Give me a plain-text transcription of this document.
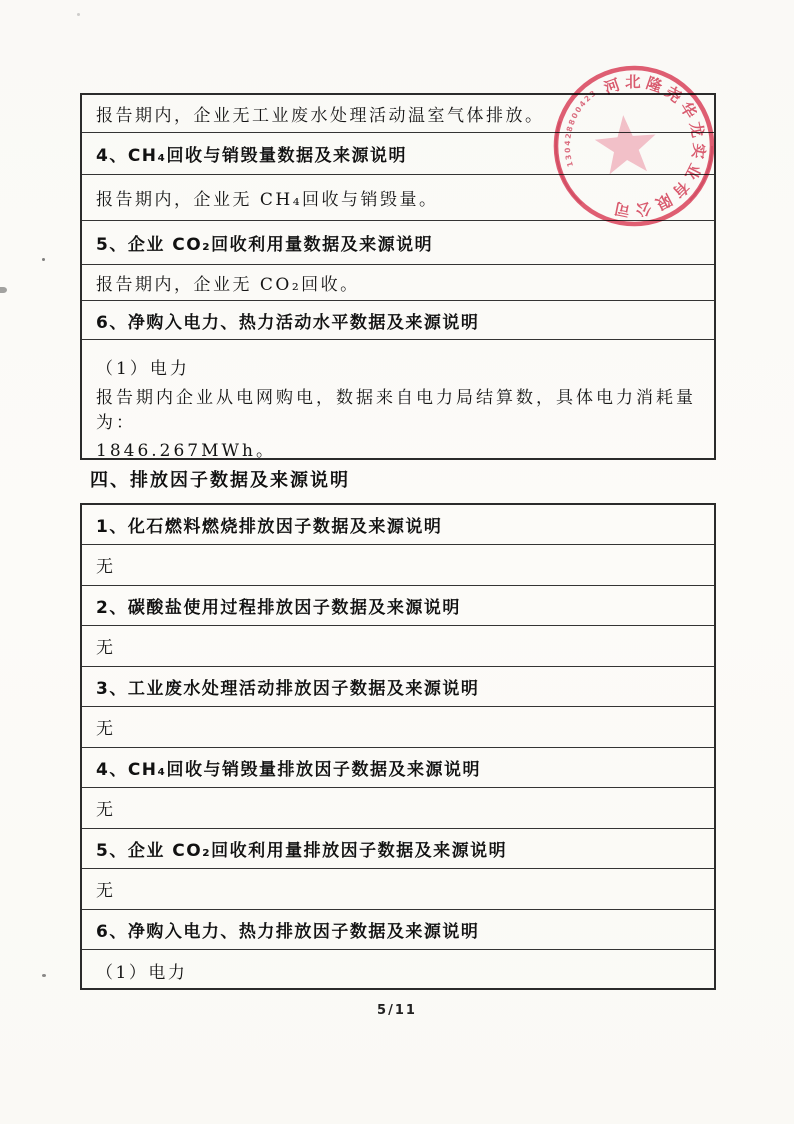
报告期内，企业无工业废水处理活动温室气体排放。
4、CH₄回收与销毁量数据及来源说明
报告期内，企业无 CH₄回收与销毁量。
5、企业 CO₂回收利用量数据及来源说明
报告期内，企业无 CO₂回收。
6、净购入电力、热力活动水平数据及来源说明
（1）电力
报告期内企业从电网购电，数据来自电力局结算数，具体电力消耗量为：
1846.267MWh。
四、排放因子数据及来源说明
1、化石燃料燃烧排放因子数据及来源说明
无
2、碳酸盐使用过程排放因子数据及来源说明
无
3、工业废水处理活动排放因子数据及来源说明
无
4、CH₄回收与销毁量排放因子数据及来源说明
无
5、企业 CO₂回收利用量排放因子数据及来源说明
无
6、净购入电力、热力排放因子数据及来源说明
（1）电力
河北隆尧华龙实业有限公司
130428800423
5/11
